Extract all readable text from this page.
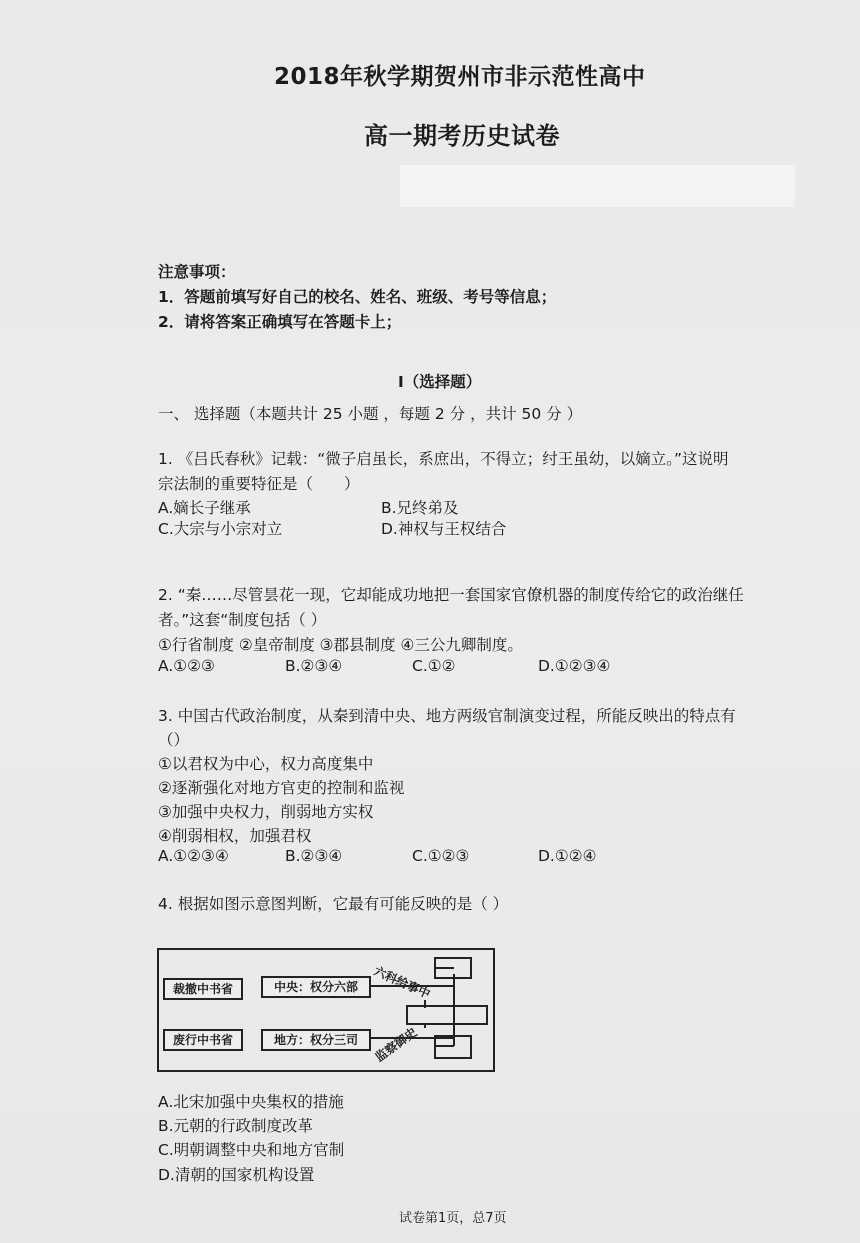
2018年秋学期贺州市非示范性高中
高一期考历史试卷
注意事项：
1．答题前填写好自己的校名、姓名、班级、考号等信息；
2．请将答案正确填写在答题卡上；
I（选择题）
一、 选择题（本题共计 25 小题 ，每题 2 分 ，共计 50 分 ）
1. 《吕氏春秋》记载：“微子启虽长，系庶出，不得立；纣王虽幼，以嫡立。”这说明
宗法制的重要特征是（　　）
A.嫡长子继承	B.兄终弟及
C.大宗与小宗对立	D.神权与王权结合
2. “秦……尽管昙花一现，它却能成功地把一套国家官僚机器的制度传给它的政治继任
者。”这套“制度包括（ ）
①行省制度 ②皇帝制度 ③郡县制度 ④三公九卿制度。
A.①②③	B.②③④	C.①②	D.①②③④
3. 中国古代政治制度，从秦到清中央、地方两级官制演变过程，所能反映出的特点有
（）
①以君权为中心，权力高度集中
②逐渐强化对地方官吏的控制和监视
③加强中央权力，削弱地方实权
④削弱相权，加强君权
A.①②③④	B.②③④	C.①②③	D.①②④
4. 根据如图示意图判断，它最有可能反映的是（ ）
六科给事中
监察御史
裁撤中书省	中央：权分六部
废行中书省	地方：权分三司
A.北宋加强中央集权的措施
B.元朝的行政制度改革
C.明朝调整中央和地方官制
D.清朝的国家机构设置
试卷第1页，总7页
